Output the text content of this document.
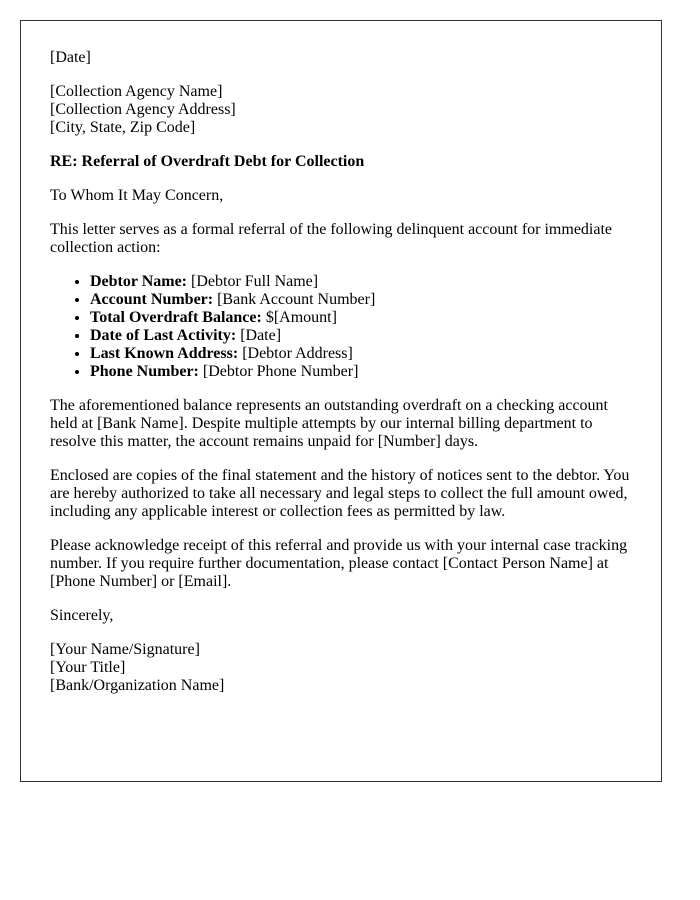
[Date]
[Collection Agency Name]
[Collection Agency Address]
[City, State, Zip Code]
RE: Referral of Overdraft Debt for Collection

To Whom It May Concern,

This letter serves as a formal referral of the following delinquent account for immediate collection action:

• Debtor Name: [Debtor Full Name]
• Account Number: [Bank Account Number]
• Total Overdraft Balance: $[Amount]
• Date of Last Activity: [Date]
• Last Known Address: [Debtor Address]
• Phone Number: [Debtor Phone Number]

The aforementioned balance represents an outstanding overdraft on a checking account held at [Bank Name]. Despite multiple attempts by our internal billing department to resolve this matter, the account remains unpaid for [Number] days.

Enclosed are copies of the final statement and the history of notices sent to the debtor. You are hereby authorized to take all necessary and legal steps to collect the full amount owed, including any applicable interest or collection fees as permitted by law.

Please acknowledge receipt of this referral and provide us with your internal case tracking number. If you require further documentation, please contact [Contact Person Name] at [Phone Number] or [Email].

Sincerely,

[Your Name/Signature]
[Your Title]
[Bank/Organization Name]
